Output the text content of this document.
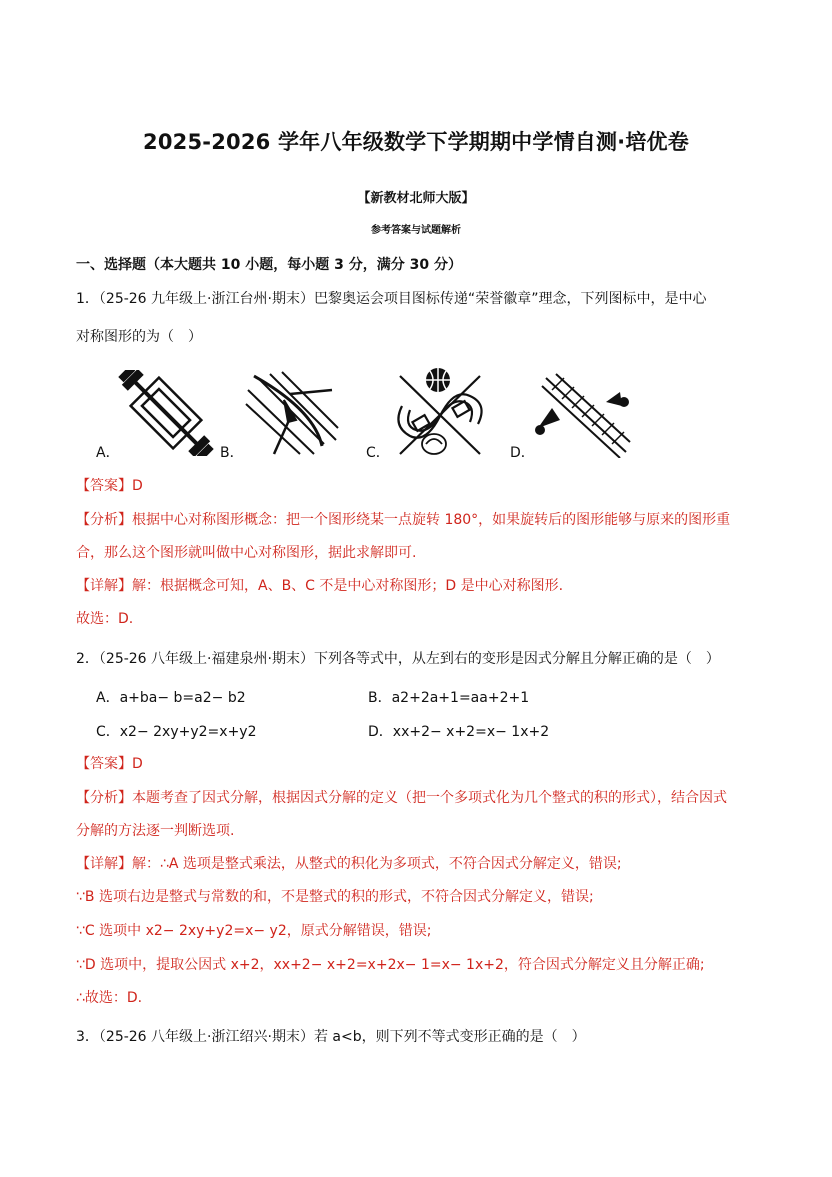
2025-2026 学年八年级数学下学期期中学情自测·培优卷
【新教材北师大版】
参考答案与试题解析
一、选择题（本大题共 10 小题，每小题 3 分，满分 30 分）
1．（25-26 九年级上·浙江台州·期末）巴黎奥运会项目图标传递“荣誉徽章”理念，下列图标中，是中心
对称图形的为（　）
A．	B．	C．	D．
【答案】D
【分析】根据中心对称图形概念：把一个图形绕某一点旋转 180°，如果旋转后的图形能够与原来的图形重
合，那么这个图形就叫做中心对称图形，据此求解即可.
【详解】解：根据概念可知，A、B、C 不是中心对称图形；D 是中心对称图形.
故选：D.
2．（25-26 八年级上·福建泉州·期末）下列各等式中，从左到右的变形是因式分解且分解正确的是（　）
A．a+ba− b=a2− b2	B．a2+2a+1=aa+2+1
C．x2− 2xy+y2=x+y2	D．xx+2− x+2=x− 1x+2
【答案】D
【分析】本题考查了因式分解，根据因式分解的定义（把一个多项式化为几个整式的积的形式），结合因式
分解的方法逐一判断选项.
【详解】解：∴A 选项是整式乘法，从整式的积化为多项式，不符合因式分解定义，错误;
∵B 选项右边是整式与常数的和，不是整式的积的形式，不符合因式分解定义，错误;
∵C 选项中 x2− 2xy+y2=x− y2，原式分解错误，错误;
∵D 选项中，提取公因式 x+2，xx+2− x+2=x+2x− 1=x− 1x+2，符合因式分解定义且分解正确;
∴故选：D.
3．（25-26 八年级上·浙江绍兴·期末）若 a<b，则下列不等式变形正确的是（　）
